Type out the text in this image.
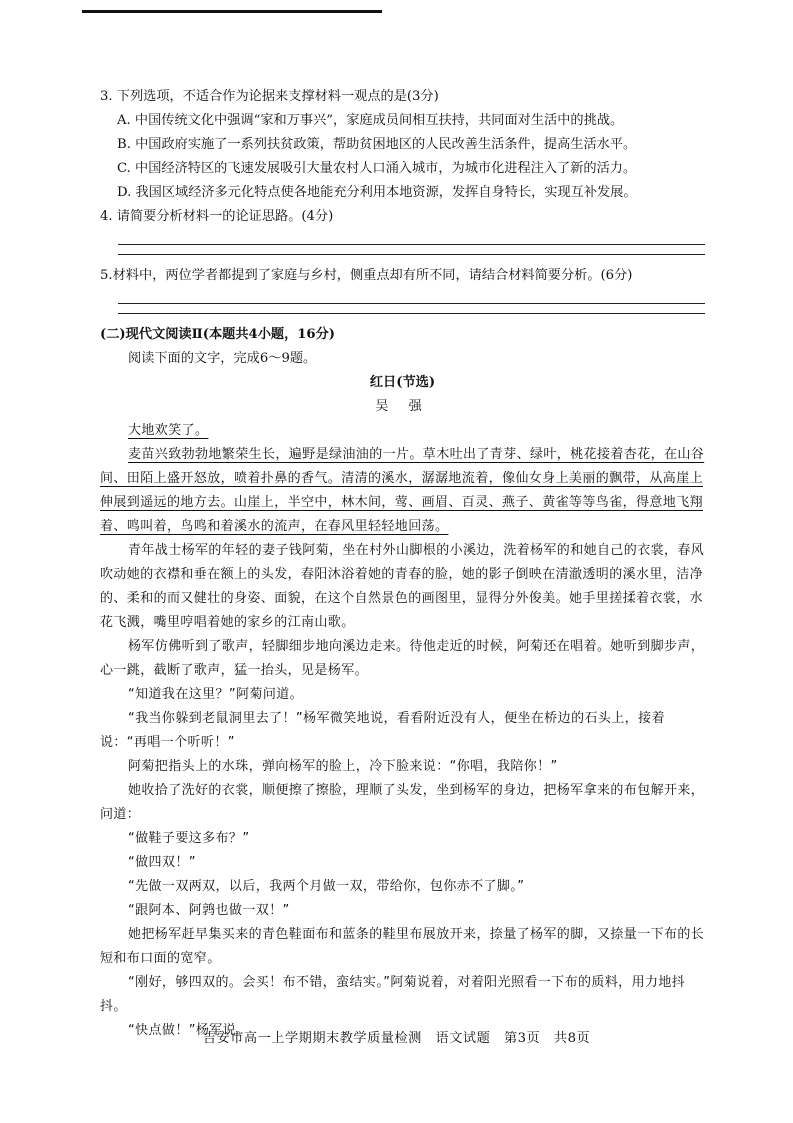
3. 下列选项，不适合作为论据来支撑材料一观点的是(3分)

A. 中国传统文化中强调“家和万事兴”，家庭成员间相互扶持，共同面对生活中的挑战。

B. 中国政府实施了一系列扶贫政策，帮助贫困地区的人民改善生活条件，提高生活水平。

C. 中国经济特区的飞速发展吸引大量农村人口涌入城市，为城市化进程注入了新的活力。

D. 我国区域经济多元化特点使各地能充分利用本地资源，发挥自身特长，实现互补发展。

4. 请简要分析材料一的论证思路。(4分)

5.材料中，两位学者都提到了家庭与乡村，侧重点却有所不同，请结合材料简要分析。(6分)

(二)现代文阅读Ⅱ(本题共4小题，16分)

阅读下面的文字，完成6～9题。

红日(节选)

吴 强

大地欢笑了。

麦苗兴致勃勃地繁荣生长，遍野是绿油油的一片。草木吐出了青芽、绿叶，桃花接着杏花，在山谷间、田陌上盛开怒放，喷着扑鼻的香气。清清的溪水，潺潺地流着，像仙女身上美丽的飘带，从高崖上伸展到遥远的地方去。山崖上，半空中，林木间，莺、画眉、百灵、燕子、黄雀等等鸟雀，得意地飞翔着、鸣叫着，鸟鸣和着溪水的流声，在春风里轻轻地回荡。

青年战士杨军的年轻的妻子钱阿菊，坐在村外山脚根的小溪边，洗着杨军的和她自己的衣裳，春风吹动她的衣襟和垂在额上的头发，春阳沐浴着她的青春的脸，她的影子倒映在清澈透明的溪水里，洁净的、柔和的而又健壮的身姿、面貌，在这个自然景色的画图里，显得分外俊美。她手里搓揉着衣裳，水花飞溅，嘴里哼唱着她的家乡的江南山歌。

杨军仿佛听到了歌声，轻脚细步地向溪边走来。待他走近的时候，阿菊还在唱着。她听到脚步声，心一跳，截断了歌声，猛一抬头，见是杨军。

“知道我在这里？”阿菊问道。

“我当你躲到老鼠洞里去了！”杨军微笑地说，看看附近没有人，便坐在桥边的石头上，接着说：“再唱一个听听！”

阿菊把指头上的水珠，弹向杨军的脸上，冷下脸来说：“你唱，我陪你！”

她收拾了洗好的衣裳，顺便擦了擦脸，理顺了头发，坐到杨军的身边，把杨军拿来的布包解开来，问道：

“做鞋子要这多布？”

“做四双！”

“先做一双两双，以后，我两个月做一双，带给你，包你赤不了脚。”

“跟阿本、阿鹑也做一双！”

她把杨军赶早集买来的青色鞋面布和蓝条的鞋里布展放开来，捺量了杨军的脚，又捺量一下布的长短和布口面的宽窄。

“刚好，够四双的。会买！布不错，蛮结实。”阿菊说着，对着阳光照看一下布的质料，用力地抖抖。

“快点做！”杨军说。

吉安市高一上学期期末教学质量检测　语文试题　第3页　共8页
